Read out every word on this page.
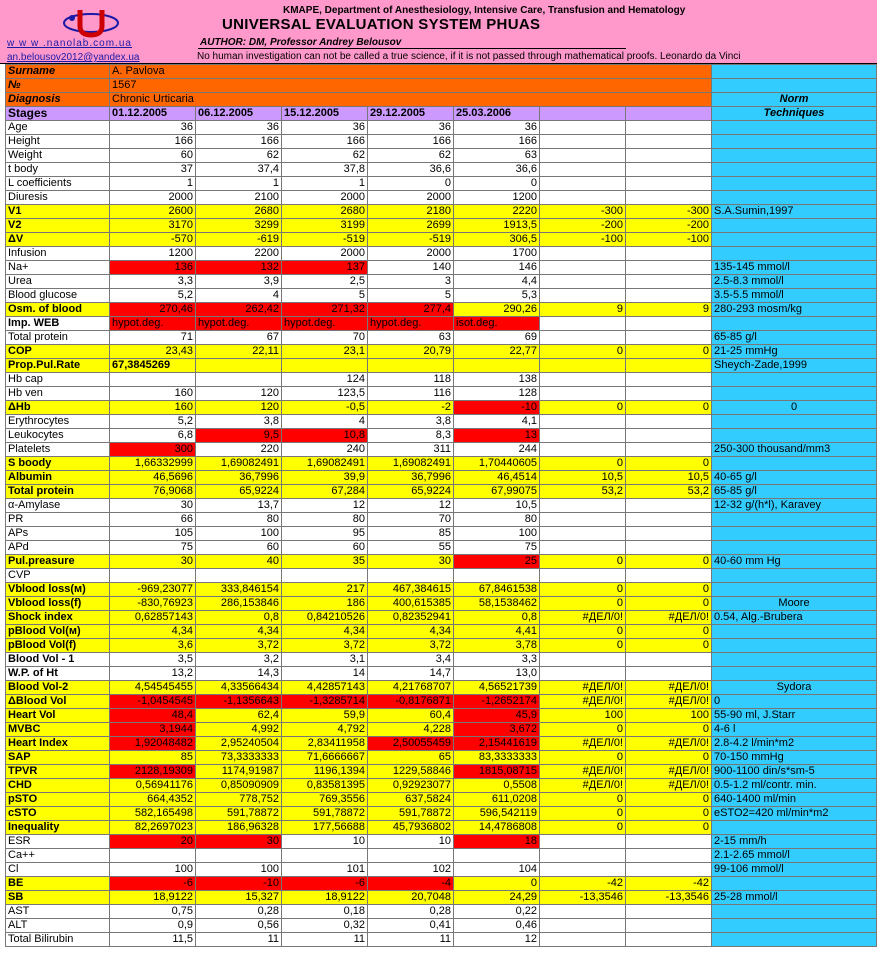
KMAPE, Department of Anesthesiology, Intensive Care, Transfusion and Hematology
UNIVERSAL EVALUATION SYSTEM PHUAS
AUTHOR: DM, Professor Andrey Belousov
No human investigation can not be called a true science, if it is not passed through mathematical proofs. Leonardo da Vinci
w w w .nanolab.com.ua
an.belousov2012@yandex.ua
Surname	A. Pavlova							
№	1567							
Diagnosis	Chronic Urticaria							Norm
Stages	01.12.2005	06.12.2005	15.12.2005	29.12.2005	25.03.2006			Techniques
Age	36	36	36	36	36			
Height	166	166	166	166	166			
Weight	60	62	62	62	63			
t body	37	37,4	37,8	36,6	36,6			
L coefficients	1	1	1	0	0			
Diuresis	2000	2100	2000	2000	1200			
V1	2600	2680	2680	2180	2220	-300	-300	S.A.Sumin,1997
V2	3170	3299	3199	2699	1913,5	-200	-200	
ΔV	-570	-619	-519	-519	306,5	-100	-100	
Infusion	1200	2200	2000	2000	1700			
Na+	136	132	137	140	146			135-145 mmol/l
Urea	3,3	3,9	2,5	3	4,4			2.5-8.3 mmol/l
Blood glucose	5,2	4	5	5	5,3			3.5-5.5 mmol/l
Osm. of blood	270,46	262,42	271,32	277,4	290,26	9	9	280-293 mosm/kg
Imp. WEB	hypot.deg.	hypot.deg.	hypot.deg.	hypot.deg.	isot.deg.			
Total protein	71	67	70	63	69			65-85 g/l
COP	23,43	22,11	23,1	20,79	22,77	0	0	21-25 mmHg
Prop.Pul.Rate	67,3845269							Sheych-Zade,1999
Hb cap			124	118	138			
Hb ven	160	120	123,5	116	128			
ΔHb	160	120	-0,5	-2	-10	0	0	0
Erythrocytes	5,2	3,8	4	3,8	4,1			
Leukocytes	6,8	9,5	10,8	8,3	13			
Platelets	300	220	240	311	244			250-300 thousand/mm3
S boody	1,66332999	1,69082491	1,69082491	1,69082491	1,70440605	0	0	
Albumin	46,5696	36,7996	39,9	36,7996	46,4514	10,5	10,5	40-65 g/l
Total protein	76,9068	65,9224	67,284	65,9224	67,99075	53,2	53,2	65-85 g/l
α-Amylase	30	13,7	12	12	10,5			12-32 g/(h*l), Karavey
PR	66	80	80	70	80			
APs	105	100	95	85	100			
APd	75	60	60	55	75			
Pul.preasure	30	40	35	30	25	0	0	40-60 mm Hg
CVP								
Vblood loss(м)	-969,23077	333,846154	217	467,384615	67,8461538	0	0	
Vblood loss(f)	-830,76923	286,153846	186	400,615385	58,1538462	0	0	Moore
Shock index	0,62857143	0,8	0,84210526	0,82352941	0,8	#ДЕЛ/0!	#ДЕЛ/0!	0.54, Alg.-Brubera
pBlood Vol(м)	4,34	4,34	4,34	4,34	4,41	0	0	
pBlood Vol(f)	3,6	3,72	3,72	3,72	3,78	0	0	
Blood Vol - 1	3,5	3,2	3,1	3,4	3,3			
W.P. of Ht	13,2	14,3	14	14,7	13,0			
Blood Vol-2	4,54545455	4,33566434	4,42857143	4,21768707	4,56521739	#ДЕЛ/0!	#ДЕЛ/0!	Sydora
ΔBlood Vol	-1,0454545	-1,1356643	-1,3285714	-0,8176871	-1,2652174	#ДЕЛ/0!	#ДЕЛ/0!	0
Heart Vol	48,4	62,4	59,9	60,4	45,9	100	100	55-90 ml, J.Starr
MVBC	3,1944	4,992	4,792	4,228	3,672	0	0	4-6 l
Heart Index	1,92048482	2,95240504	2,83411958	2,50055459	2,15441619	#ДЕЛ/0!	#ДЕЛ/0!	2.8-4.2 l/min*m2
SAP	85	73,3333333	71,6666667	65	83,3333333	0	0	70-150 mmHg
TPVR	2128,19309	1174,91987	1196,1394	1229,58846	1815,08715	#ДЕЛ/0!	#ДЕЛ/0!	900-1100 din/s*sm-5
CHD	0,56941176	0,85090909	0,83581395	0,92923077	0,5508	#ДЕЛ/0!	#ДЕЛ/0!	0.5-1.2 ml/contr. min.
pSTO	664,4352	778,752	769,3556	637,5824	611,0208	0	0	640-1400 ml/min
cSTO	582,165498	591,78872	591,78872	591,78872	596,542119	0	0	eSTO2=420 ml/min*m2
Inequality	82,2697023	186,96328	177,56688	45,7936802	14,4786808	0	0	
ESR	20	30	10	10	18			2-15 mm/h
Ca++								2.1-2.65 mmol/l
Cl	100	100	101	102	104			99-106 mmol/l
BE	-6	-10	-6	-4	0	-42	-42	
SB	18,9122	15,327	18,9122	20,7048	24,29	-13,3546	-13,3546	25-28 mmol/l
AST	0,75	0,28	0,18	0,28	0,22			
ALT	0,9	0,56	0,32	0,41	0,46			
Total Bilirubin	11,5	11	11	11	12			
